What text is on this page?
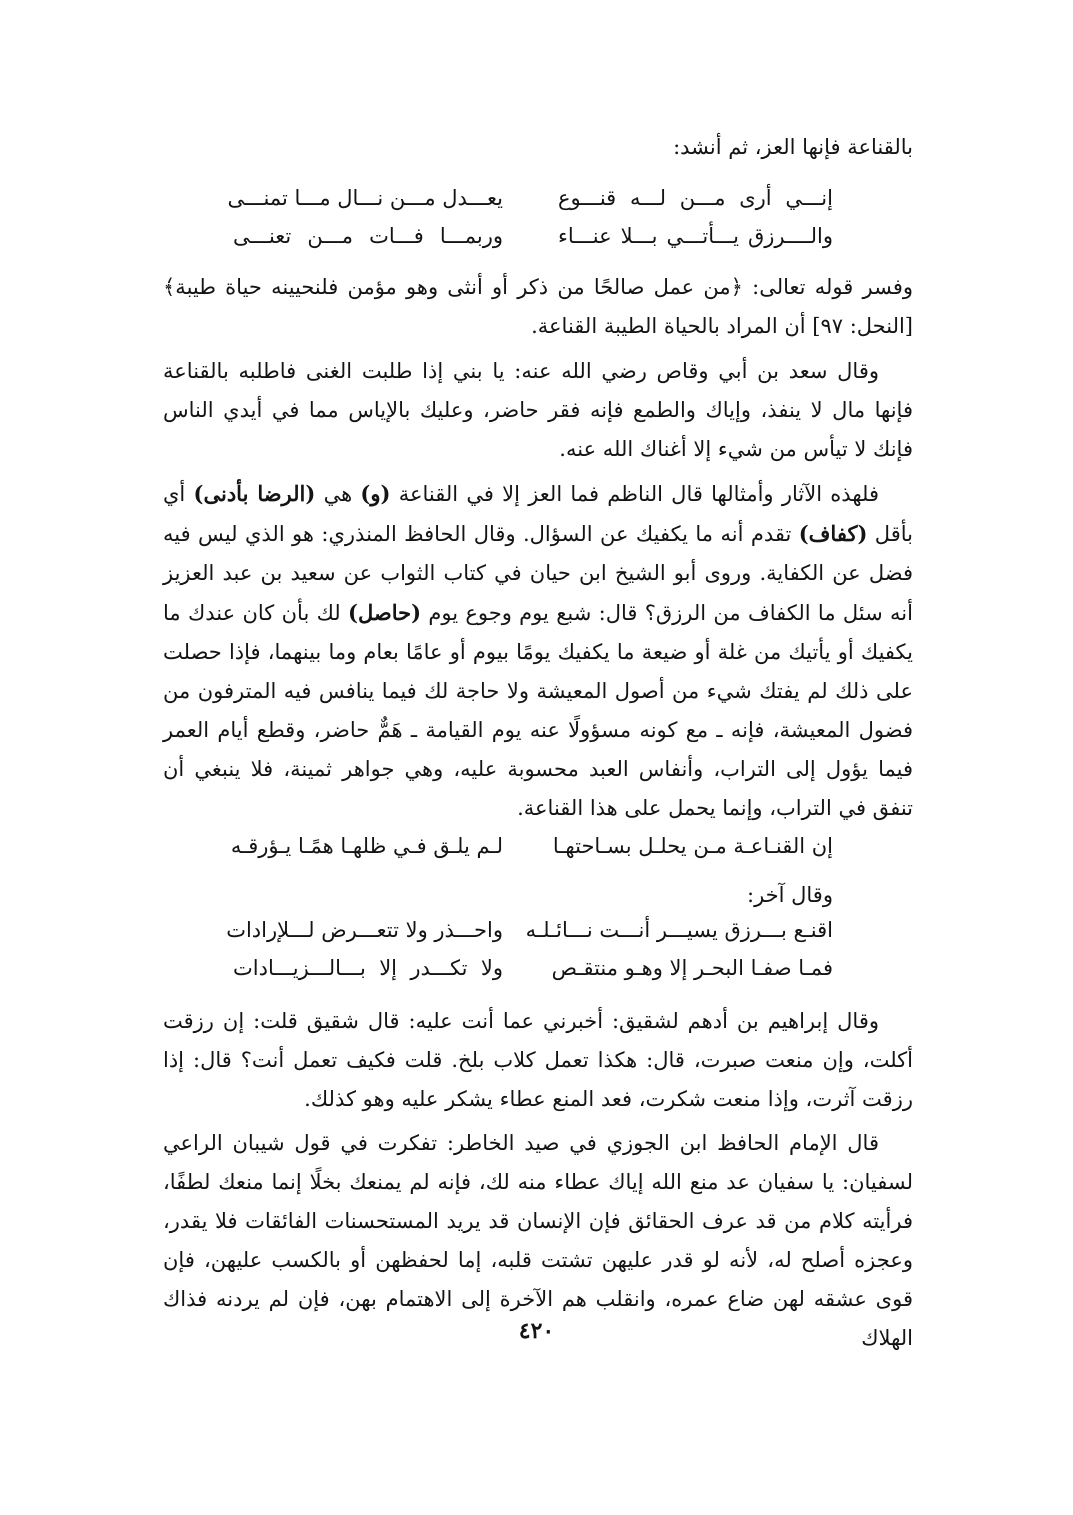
بالقناعة فإنها العز، ثم أنشد:

إنـــي أرى مـــن لـــه قنـــوع
يعـــدل مـــن نـــال مـــا تمنـــى
والــــرزق يـــأتـــي بـــلا عنـــاء
وربمـــا فـــات مـــن تعنـــى

وفسر قوله تعالى: ﴿من عمل صالحًا من ذكر أو أنثى وهو مؤمن فلنحيينه حياة طيبة﴾ [النحل: ٩٧] أن المراد بالحياة الطيبة القناعة.

وقال سعد بن أبي وقاص رضي الله عنه: يا بني إذا طلبت الغنى فاطلبه بالقناعة فإنها مال لا ينفذ، وإياك والطمع فإنه فقر حاضر، وعليك بالإياس مما في أيدي الناس فإنك لا تيأس من شيء إلا أغناك الله عنه.

فلهذه الآثار وأمثالها قال الناظم فما العز إلا في القناعة (و) هي (الرضا بأدنى) أي بأقل (كفاف) تقدم أنه ما يكفيك عن السؤال. وقال الحافظ المنذري: هو الذي ليس فيه فضل عن الكفاية. وروى أبو الشيخ ابن حيان في كتاب الثواب عن سعيد بن عبد العزيز أنه سئل ما الكفاف من الرزق؟ قال: شبع يوم وجوع يوم (حاصل) لك بأن كان عندك ما يكفيك أو يأتيك من غلة أو ضيعة ما يكفيك يومًا بيوم أو عامًا بعام وما بينهما، فإذا حصلت على ذلك لم يفتك شيء من أصول المعيشة ولا حاجة لك فيما ينافس فيه المترفون من فضول المعيشة، فإنه ـ مع كونه مسؤولًا عنه يوم القيامة ـ هَمٌّ حاضر، وقطع أيام العمر فيما يؤول إلى التراب، وأنفاس العبد محسوبة عليه، وهي جواهر ثمينة، فلا ينبغي أن تنفق في التراب، وإنما يحمل على هذا القناعة.

إن القنـاعـة مـن يحلـل بسـاحتهـا
لـم يلـق فـي ظلهـا همًـا يـؤرقـه

وقال آخر:

اقنـع بـــرزق يسيـــر أنـــت نـــائـلـه
واحـــذر ولا تتعـــرض لـــلإرادات
فمـا صفـا البحـر إلا وهـو منتقـص
ولا تكـــدر إلا بـــالـــزيـــادات

وقال إبراهيم بن أدهم لشقيق: أخبرني عما أنت عليه: قال شقيق قلت: إن رزقت أكلت، وإن منعت صبرت، قال: هكذا تعمل كلاب بلخ. قلت فكيف تعمل أنت؟ قال: إذا رزقت آثرت، وإذا منعت شكرت، فعد المنع عطاء يشكر عليه وهو كذلك.

قال الإمام الحافظ ابن الجوزي في صيد الخاطر: تفكرت في قول شيبان الراعي لسفيان: يا سفيان عد منع الله إياك عطاء منه لك، فإنه لم يمنعك بخلًا إنما منعك لطفًا، فرأيته كلام من قد عرف الحقائق فإن الإنسان قد يريد المستحسنات الفائقات فلا يقدر، وعجزه أصلح له، لأنه لو قدر عليهن تشتت قلبه، إما لحفظهن أو بالكسب عليهن، فإن قوى عشقه لهن ضاع عمره، وانقلب هم الآخرة إلى الاهتمام بهن، فإن لم يردنه فذاك الهلاك

٤٢٠
